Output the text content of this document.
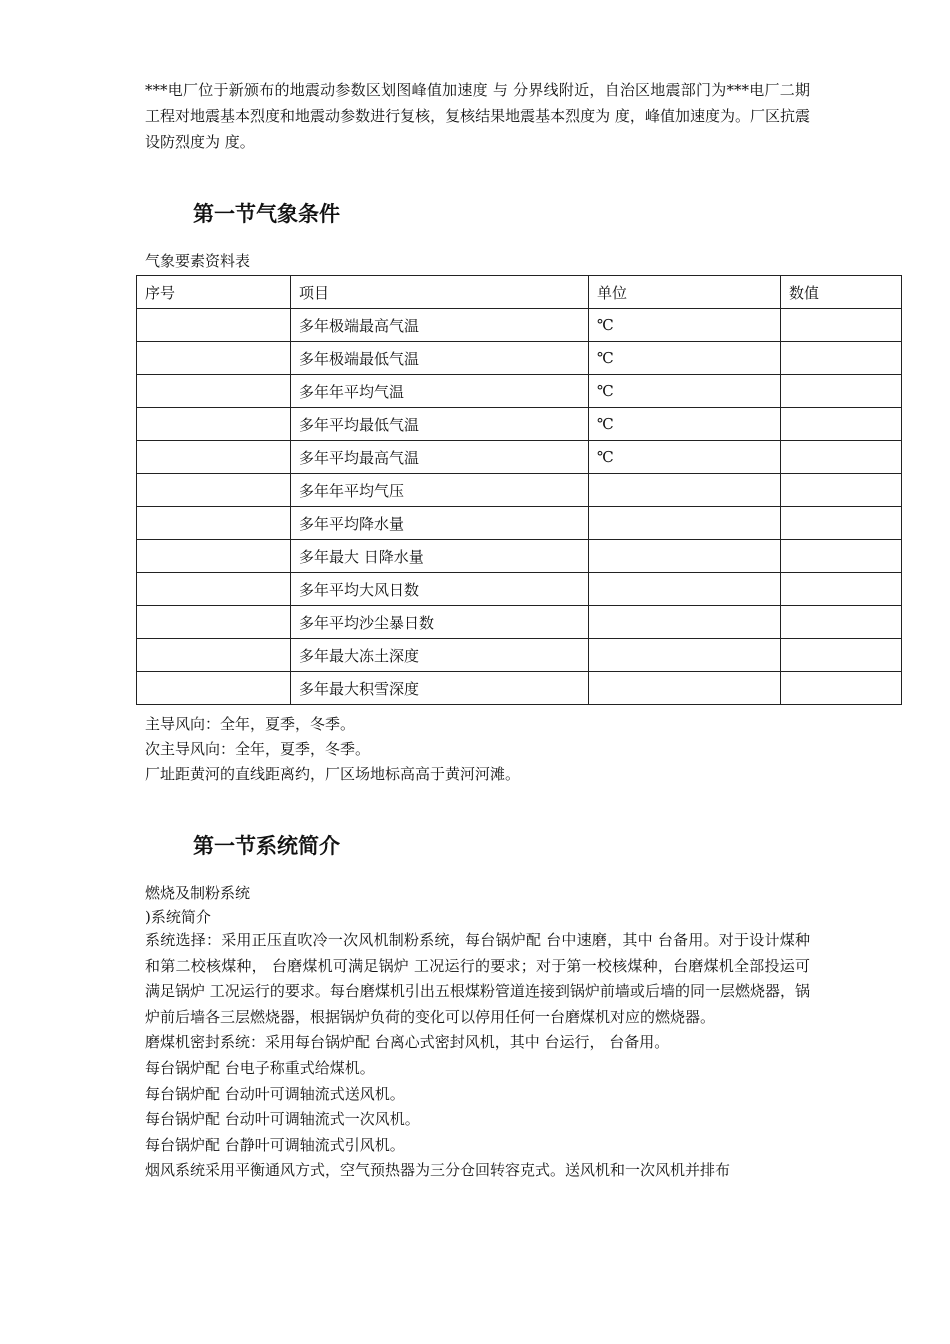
***电厂位于新颁布的地震动参数区划图峰值加速度 与 分界线附近，自治区地震部门为***电厂二期工程对地震基本烈度和地震动参数进行复核，复核结果地震基本烈度为 度，峰值加速度为。厂区抗震设防烈度为 度。

第一节气象条件

气象要素资料表

序号	项目	单位	数值
	多年极端最高气温	℃	
	多年极端最低气温	℃	
	多年年平均气温	℃	
	多年平均最低气温	℃	
	多年平均最高气温	℃	
	多年年平均气压		
	多年平均降水量		
	多年最大 日降水量		
	多年平均大风日数		
	多年平均沙尘暴日数		
	多年最大冻土深度		
	多年最大积雪深度		

主导风向：全年，夏季，冬季。

次主导风向：全年，夏季，冬季。

厂址距黄河的直线距离约，厂区场地标高高于黄河河滩。

第一节系统简介

燃烧及制粉系统

)系统简介

系统选择：采用正压直吹冷一次风机制粉系统，每台锅炉配 台中速磨，其中 台备用。对于设计煤种和第二校核煤种， 台磨煤机可满足锅炉 工况运行的要求；对于第一校核煤种，台磨煤机全部投运可满足锅炉 工况运行的要求。每台磨煤机引出五根煤粉管道连接到锅炉前墙或后墙的同一层燃烧器，锅炉前后墙各三层燃烧器，根据锅炉负荷的变化可以停用任何一台磨煤机对应的燃烧器。

磨煤机密封系统：采用每台锅炉配 台离心式密封风机，其中 台运行， 台备用。

每台锅炉配 台电子称重式给煤机。

每台锅炉配 台动叶可调轴流式送风机。

每台锅炉配 台动叶可调轴流式一次风机。

每台锅炉配 台静叶可调轴流式引风机。

烟风系统采用平衡通风方式，空气预热器为三分仓回转容克式。送风机和一次风机并排布
